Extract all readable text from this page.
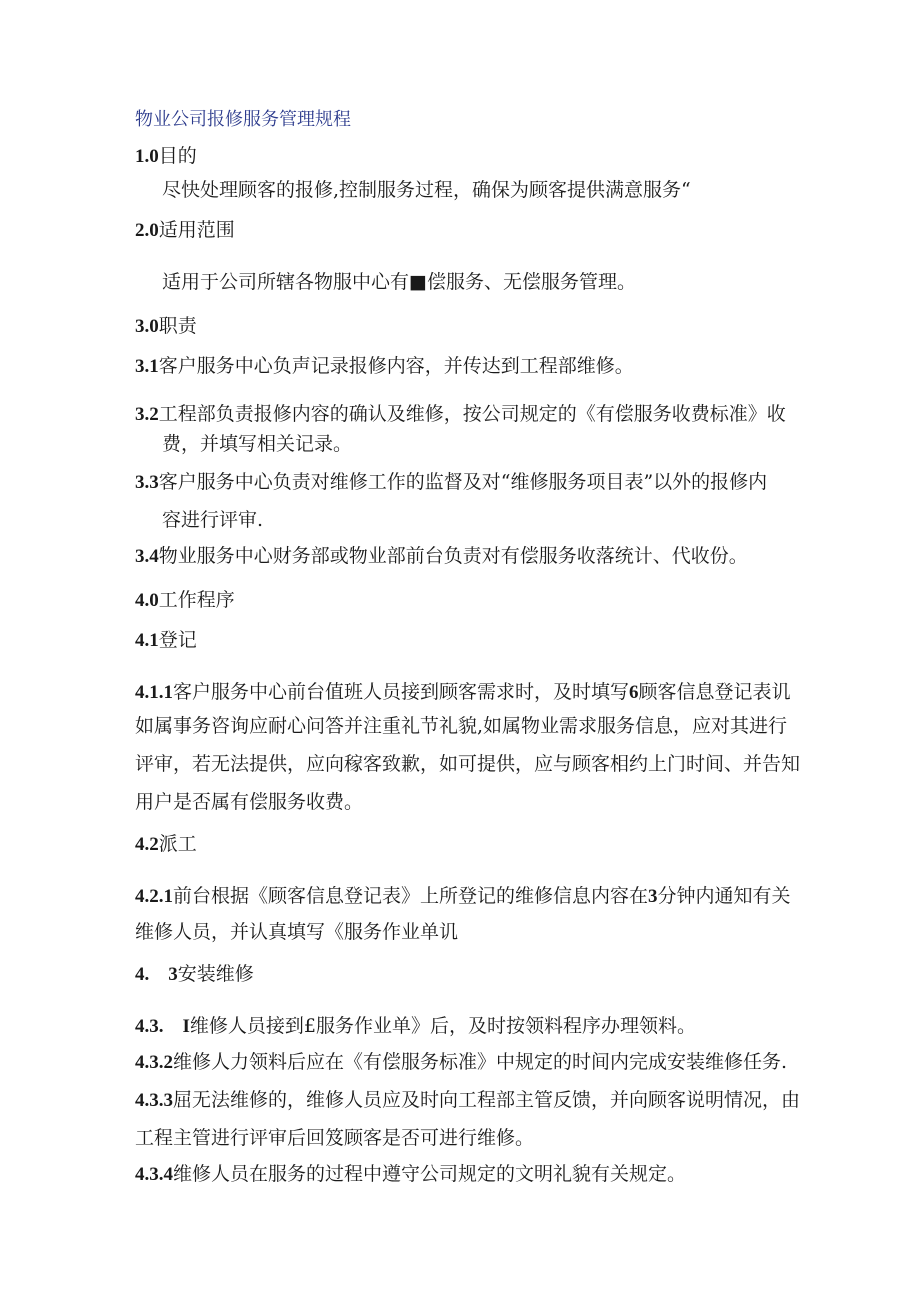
物业公司报修服务管理规程
1.0目的
尽快处理顾客的报修,控制服务过程，确保为顾客提供满意服务“
2.0适用范围
适用于公司所辖各物服中心有■偿服务、无偿服务管理。
3.0职责
3.1客户服务中心负声记录报修内容，并传达到工程部维修。
3.2工程部负责报修内容的确认及维修，按公司规定的《有偿服务收费标准》收
费，并填写相关记录。
3.3客户服务中心负责对维修工作的监督及对“维修服务项目表”以外的报修内
容进行评审.
3.4物业服务中心财务部或物业部前台负责对有偿服务收落统计、代收份。
4.0工作程序
4.1登记
4.1.1客户服务中心前台值班人员接到顾客需求时，及时填写6顾客信息登记表讥
如属事务咨询应耐心问答并注重礼节礼貌,如属物业需求服务信息，应对其进行
评审，若无法提供，应向稼客致歉，如可提供，应与顾客相约上门时间、并告知
用户是否属有偿服务收费。
4.2派工
4.2.1前台根据《顾客信息登记表》上所登记的维修信息内容在3分钟内通知有关
维修人员，并认真填写《服务作业单讥
4.　3安装维修
4.3.　I维修人员接到£服务作业单》后，及时按领料程序办理领料。
4.3.2维修人力领料后应在《有偿服务标准》中规定的时间内完成安装维修任务.
4.3.3屈无法维修的，维修人员应及时向工程部主管反馈，并向顾客说明情况，由
工程主管进行评审后回笈顾客是否可进行维修。
4.3.4维修人员在服务的过程中遵守公司规定的文明礼貌有关规定。
